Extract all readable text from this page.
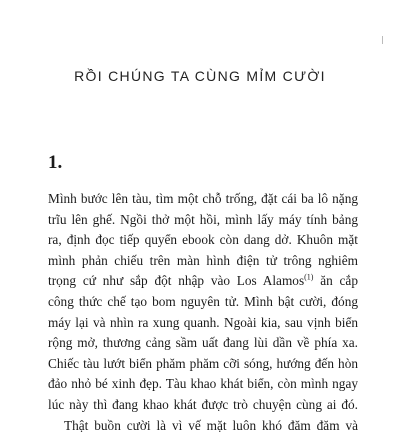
RỒI CHÚNG TA CÙNG MỈM CƯỜI
1.
Mình bước lên tàu, tìm một chỗ trống, đặt cái ba lô nặng
trĩu lên ghế. Ngồi thở một hồi, mình lấy máy tính bảng
ra, định đọc tiếp quyển ebook còn dang dở. Khuôn mặt
mình phản chiếu trên màn hình điện tử trông nghiêm
trọng cứ như sắp đột nhập vào Los Alamos$^{(1)}$ ăn cắp
công thức chế tạo bom nguyên tử. Mình bật cười, đóng
máy lại và nhìn ra xung quanh. Ngoài kia, sau vịnh biển
rộng mở, thương cảng sầm uất đang lùi dần về phía xa.
Chiếc tàu lướt biển phăm phăm cỡi sóng, hướng đến hòn
đảo nhỏ bé xinh đẹp. Tàu khao khát biển, còn mình ngay
lúc này thì đang khao khát được trò chuyện cùng ai đó.
Thật buồn cười là vì vế mặt luôn khó đăm đăm và
